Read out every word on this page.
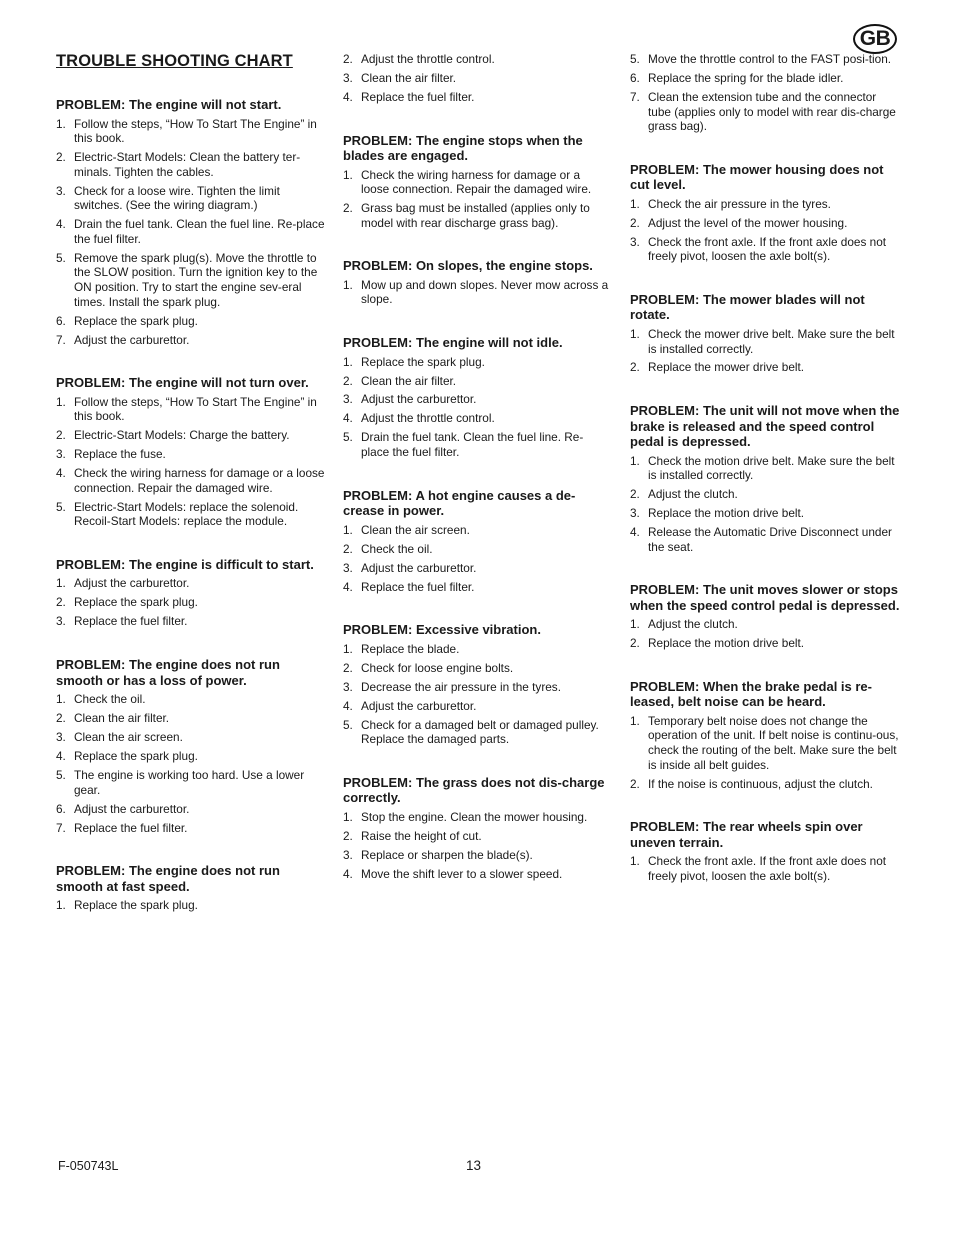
GB
TROUBLE SHOOTING CHART
PROBLEM: The engine will not start.
1. Follow the steps, “How To Start The Engine” in this book.
2. Electric-Start Models: Clean the battery ter-minals. Tighten the cables.
3. Check for a loose wire. Tighten the limit switches. (See the wiring diagram.)
4. Drain the fuel tank. Clean the fuel line. Re-place the fuel filter.
5. Remove the spark plug(s). Move the throttle to the SLOW position. Turn the ignition key to the ON position. Try to start the engine sev-eral times. Install the spark plug.
6. Replace the spark plug.
7. Adjust the carburettor.
PROBLEM: The engine will not turn over.
1. Follow the steps, “How To Start The Engine” in this book.
2. Electric-Start Models: Charge the battery.
3. Replace the fuse.
4. Check the wiring harness for damage or a loose connection. Repair the damaged wire.
5. Electric-Start Models: replace the solenoid. Recoil-Start Models: replace the module.
PROBLEM: The engine is difficult to start.
1. Adjust the carburettor.
2. Replace the spark plug.
3. Replace the fuel filter.
PROBLEM: The engine does not run smooth or has a loss of power.
1. Check the oil.
2. Clean the air filter.
3. Clean the air screen.
4. Replace the spark plug.
5. The engine is working too hard. Use a lower gear.
6. Adjust the carburettor.
7. Replace the fuel filter.
PROBLEM: The engine does not run smooth at fast speed.
1. Replace the spark plug.
2. Adjust the throttle control.
3. Clean the air filter.
4. Replace the fuel filter.
PROBLEM: The engine stops when the blades are engaged.
1. Check the wiring harness for damage or a loose connection. Repair the damaged wire.
2. Grass bag must be installed (applies only to model with rear discharge grass bag).
PROBLEM: On slopes, the engine stops.
1. Mow up and down slopes. Never mow across a slope.
PROBLEM: The engine will not idle.
1. Replace the spark plug.
2. Clean the air filter.
3. Adjust the carburettor.
4. Adjust the throttle control.
5. Drain the fuel tank. Clean the fuel line. Re-place the fuel filter.
PROBLEM: A hot engine causes a de-crease in power.
1. Clean the air screen.
2. Check the oil.
3. Adjust the carburettor.
4. Replace the fuel filter.
PROBLEM: Excessive vibration.
1. Replace the blade.
2. Check for loose engine bolts.
3. Decrease the air pressure in the tyres.
4. Adjust the carburettor.
5. Check for a damaged belt or damaged pulley. Replace the damaged parts.
PROBLEM: The grass does not dis-charge correctly.
1. Stop the engine. Clean the mower housing.
2. Raise the height of cut.
3. Replace or sharpen the blade(s).
4. Move the shift lever to a slower speed.
5. Move the throttle control to the FAST posi-tion.
6. Replace the spring for the blade idler.
7. Clean the extension tube and the connector tube (applies only to model with rear dis-charge grass bag).
PROBLEM: The mower housing does not cut level.
1. Check the air pressure in the tyres.
2. Adjust the level of the mower housing.
3. Check the front axle. If the front axle does not freely pivot, loosen the axle bolt(s).
PROBLEM: The mower blades will not rotate.
1. Check the mower drive belt. Make sure the belt is installed correctly.
2. Replace the mower drive belt.
PROBLEM: The unit will not move when the brake is released and the speed control pedal is depressed.
1. Check the motion drive belt. Make sure the belt is installed correctly.
2. Adjust the clutch.
3. Replace the motion drive belt.
4. Release the Automatic Drive Disconnect under the seat.
PROBLEM: The unit moves slower or stops when the speed control pedal is depressed.
1. Adjust the clutch.
2. Replace the motion drive belt.
PROBLEM: When the brake pedal is re-leased, belt noise can be heard.
1. Temporary belt noise does not change the operation of the unit. If belt noise is continu-ous, check the routing of the belt. Make sure the belt is inside all belt guides.
2. If the noise is continuous, adjust the clutch.
PROBLEM: The rear wheels spin over uneven terrain.
1. Check the front axle. If the front axle does not freely pivot, loosen the axle bolt(s).
F-050743L	13
